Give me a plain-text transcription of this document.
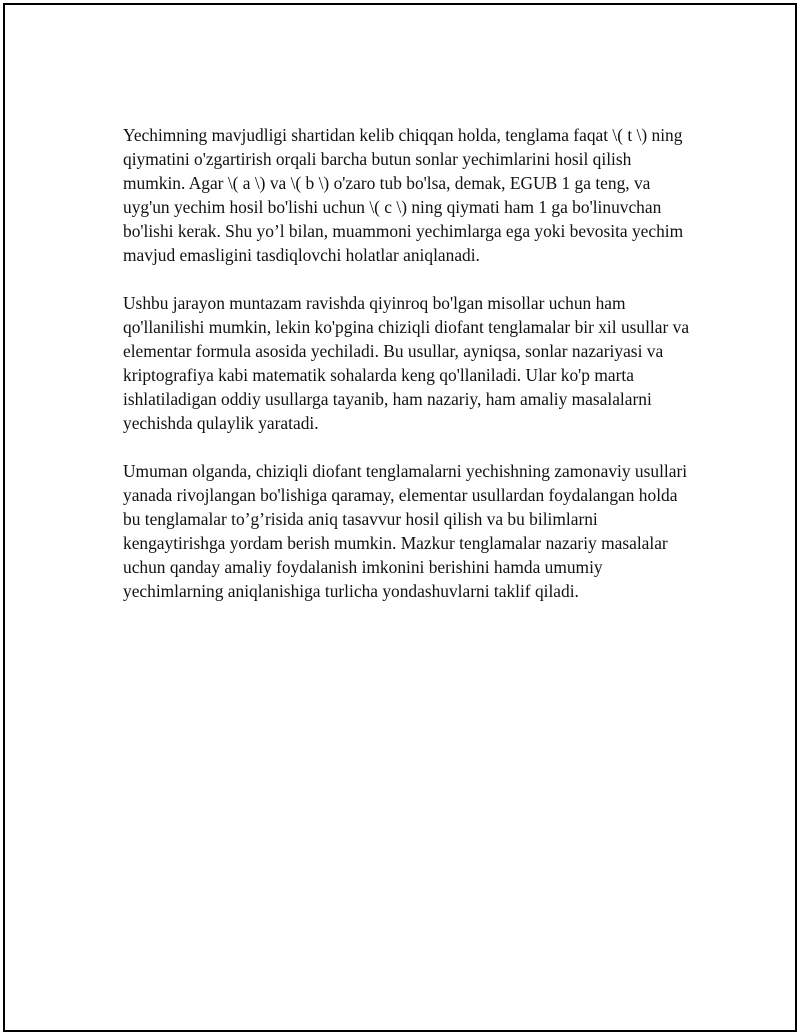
Yechimning mavjudligi shartidan kelib chiqqan holda, tenglama faqat \( t \) ning qiymatini o'zgartirish orqali barcha butun sonlar yechimlarini hosil qilish mumkin. Agar \( a \) va \( b \) o'zaro tub bo'lsa, demak, EGUB 1 ga teng, va uyg'un yechim hosil bo'lishi uchun \( c \) ning qiymati ham 1 ga bo'linuvchan bo'lishi kerak. Shu yo’l bilan, muammoni yechimlarga ega yoki bevosita yechim mavjud emasligini tasdiqlovchi holatlar aniqlanadi.

Ushbu jarayon muntazam ravishda qiyinroq bo'lgan misollar uchun ham qo'llanilishi mumkin, lekin ko'pgina chiziqli diofant tenglamalar bir xil usullar va elementar formula asosida yechiladi. Bu usullar, ayniqsa, sonlar nazariyasi va kriptografiya kabi matematik sohalarda keng qo'llaniladi. Ular ko'p marta ishlatiladigan oddiy usullarga tayanib, ham nazariy, ham amaliy masalalarni yechishda qulaylik yaratadi.

Umuman olganda, chiziqli diofant tenglamalarni yechishning zamonaviy usullari yanada rivojlangan bo'lishiga qaramay, elementar usullardan foydalangan holda bu tenglamalar to’g’risida aniq tasavvur hosil qilish va bu bilimlarni kengaytirishga yordam berish mumkin. Mazkur tenglamalar nazariy masalalar uchun qanday amaliy foydalanish imkonini berishini hamda umumiy yechimlarning aniqlanishiga turlicha yondashuvlarni taklif qiladi.
